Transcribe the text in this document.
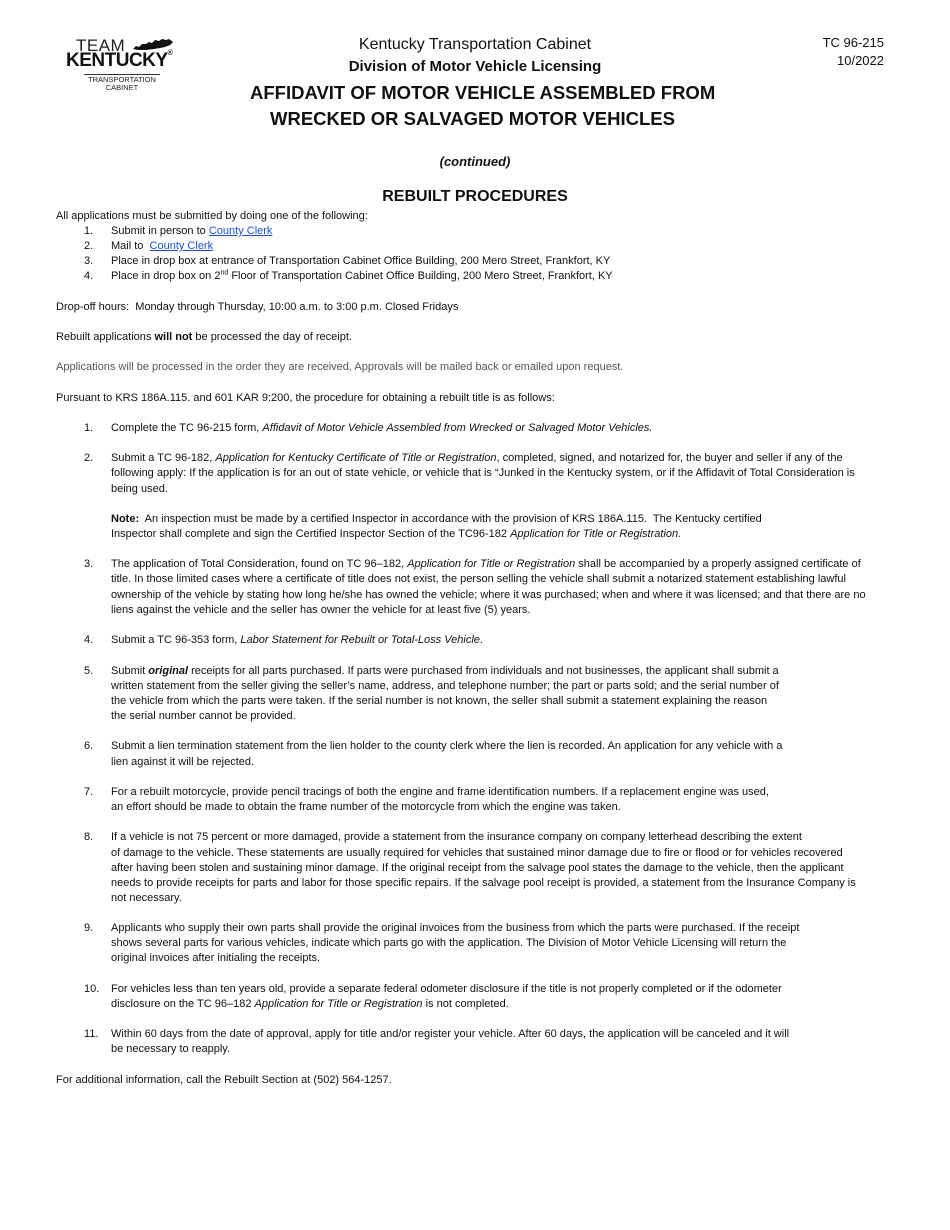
TEAM
KENTUCKY®
TRANSPORTATION CABINET
TC 96-215
10/2022
Kentucky Transportation Cabinet
Division of Motor Vehicle Licensing
AFFIDAVIT OF MOTOR VEHICLE ASSEMBLED FROM
WRECKED OR SALVAGED MOTOR VEHICLES
(continued)
REBUILT PROCEDURES
All applications must be submitted by doing one of the following:
1. Submit in person to County Clerk
2. Mail to  County Clerk
3. Place in drop box at entrance of Transportation Cabinet Office Building, 200 Mero Street, Frankfort, KY
4. Place in drop box on 2nd Floor of Transportation Cabinet Office Building, 200 Mero Street, Frankfort, KY
Drop-off hours:  Monday through Thursday, 10:00 a.m. to 3:00 p.m. Closed Fridays
Rebuilt applications will not be processed the day of receipt.
Applications will be processed in the order they are received. Approvals will be mailed back or emailed upon request.
Pursuant to KRS 186A.115. and 601 KAR 9:200, the procedure for obtaining a rebuilt title is as follows:
1. Complete the TC 96-215 form, Affidavit of Motor Vehicle Assembled from Wrecked or Salvaged Motor Vehicles.
2. Submit a TC 96-182, Application for Kentucky Certificate of Title or Registration, completed, signed, and notarized for, the buyer and seller if any of the
following apply: If the application is for an out of state vehicle, or vehicle that is “Junked in the Kentucky system, or if the Affidavit of Total Consideration is
being used.
Note:  An inspection must be made by a certified Inspector in accordance with the provision of KRS 186A.115.  The Kentucky certified
Inspector shall complete and sign the Certified Inspector Section of the TC96-182 Application for Title or Registration.
3. The application of Total Consideration, found on TC 96–182, Application for Title or Registration shall be accompanied by a properly assigned certificate of
title. In those limited cases where a certificate of title does not exist, the person selling the vehicle shall submit a notarized statement establishing lawful
ownership of the vehicle by stating how long he/she has owned the vehicle; where it was purchased; when and where it was licensed; and that there are no
liens against the vehicle and the seller has owner the vehicle for at least five (5) years.
4. Submit a TC 96-353 form, Labor Statement for Rebuilt or Total-Loss Vehicle.
5. Submit original receipts for all parts purchased. If parts were purchased from individuals and not businesses, the applicant shall submit a
written statement from the seller giving the seller’s name, address, and telephone number; the part or parts sold; and the serial number of
the vehicle from which the parts were taken. If the serial number is not known, the seller shall submit a statement explaining the reason
the serial number cannot be provided.
6. Submit a lien termination statement from the lien holder to the county clerk where the lien is recorded. An application for any vehicle with a
lien against it will be rejected.
7. For a rebuilt motorcycle, provide pencil tracings of both the engine and frame identification numbers. If a replacement engine was used,
an effort should be made to obtain the frame number of the motorcycle from which the engine was taken.
8. If a vehicle is not 75 percent or more damaged, provide a statement from the insurance company on company letterhead describing the extent
of damage to the vehicle. These statements are usually required for vehicles that sustained minor damage due to fire or flood or for vehicles recovered
after having been stolen and sustaining minor damage. If the original receipt from the salvage pool states the damage to the vehicle, then the applicant
needs to provide receipts for parts and labor for those specific repairs. If the salvage pool receipt is provided, a statement from the Insurance Company is
not necessary.
9. Applicants who supply their own parts shall provide the original invoices from the business from which the parts were purchased. If the receipt
shows several parts for various vehicles, indicate which parts go with the application. The Division of Motor Vehicle Licensing will return the
original invoices after initialing the receipts.
10. For vehicles less than ten years old, provide a separate federal odometer disclosure if the title is not properly completed or if the odometer
disclosure on the TC 96–182 Application for Title or Registration is not completed.
11. Within 60 days from the date of approval, apply for title and/or register your vehicle. After 60 days, the application will be canceled and it will
be necessary to reapply.
For additional information, call the Rebuilt Section at (502) 564-1257.
